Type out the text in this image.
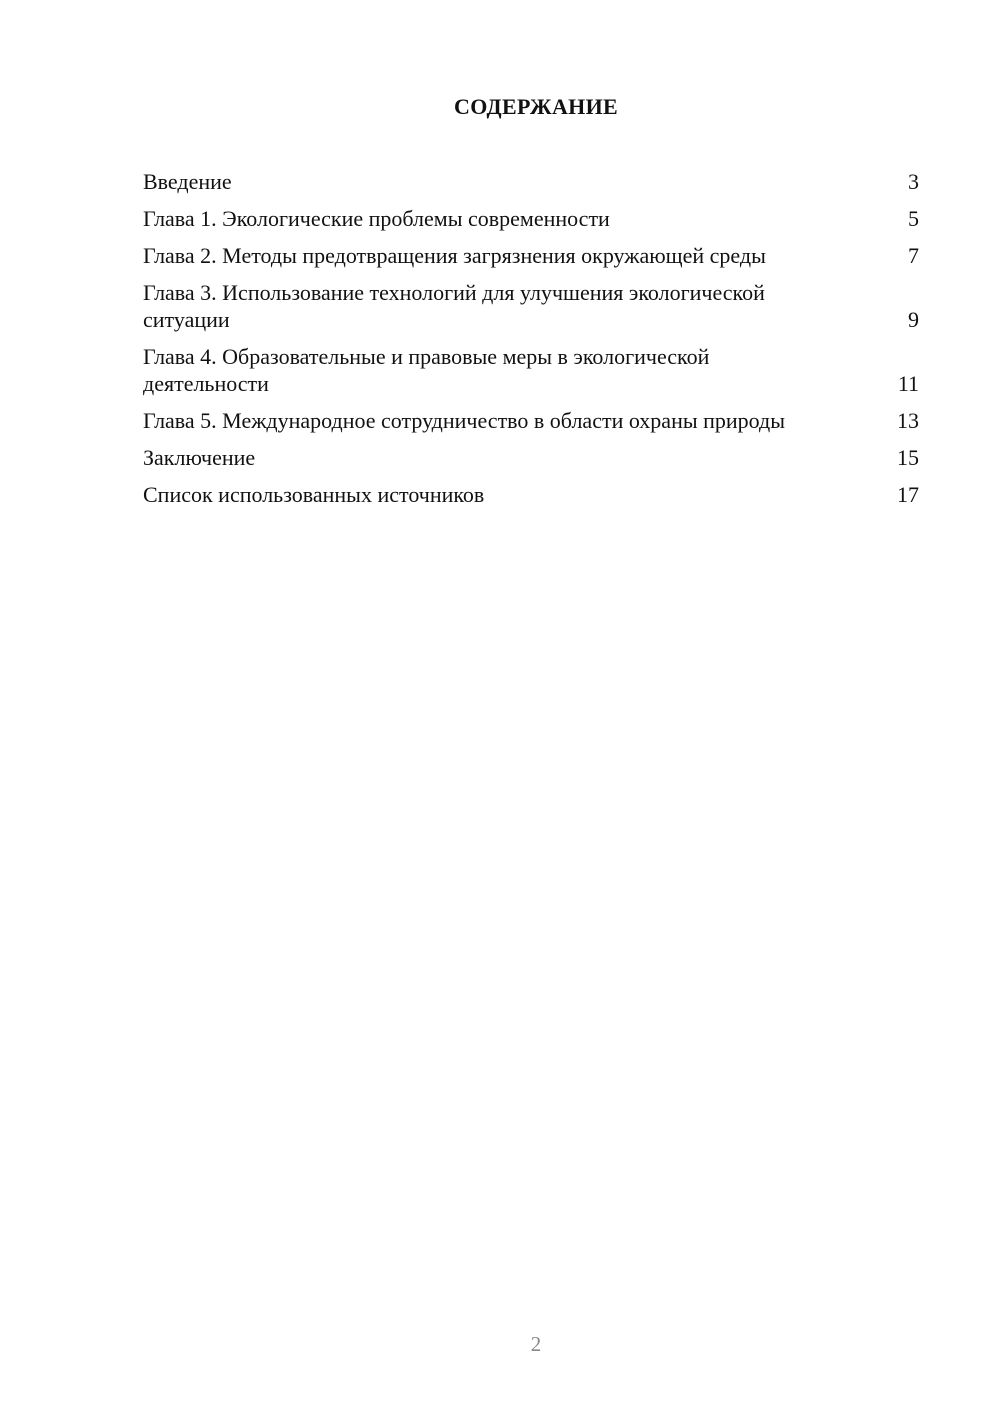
СОДЕРЖАНИЕ
Введение	3
Глава 1. Экологические проблемы современности	5
Глава 2. Методы предотвращения загрязнения окружающей среды	7
Глава 3. Использование технологий для улучшения экологической ситуации	9
Глава 4. Образовательные и правовые меры в экологической деятельности	11
Глава 5. Международное сотрудничество в области охраны природы	13
Заключение	15
Список использованных источников	17
2
